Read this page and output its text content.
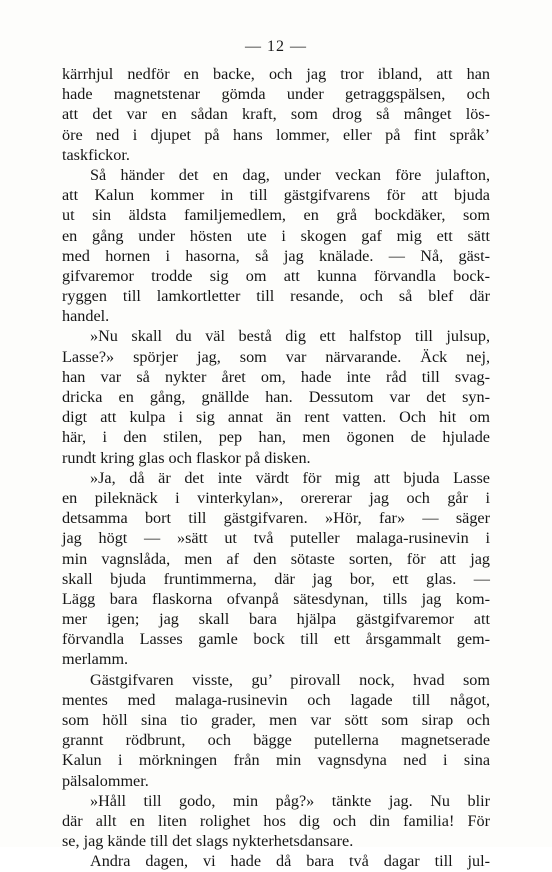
— 12 —
kärrhjul nedför en backe, och jag tror ibland, att han
hade magnetstenar gömda under getraggspälsen, och
att det var en sådan kraft, som drog så mânget lös-
öre ned i djupet på hans lommer, eller på fint språk’
taskfickor.
Så händer det en dag, under veckan före julafton,
att Kalun kommer in till gästgifvarens för att bjuda
ut sin äldsta familjemedlem, en grå bockdäker, som
en gång under hösten ute i skogen gaf mig ett sätt
med hornen i hasorna, så jag knälade. — Nå, gäst-
gifvaremor trodde sig om att kunna förvandla bock-
ryggen till lamkortletter till resande, och så blef där
handel.
»Nu skall du väl bestå dig ett halfstop till julsup,
Lasse?» spörjer jag, som var närvarande. Äck nej,
han var så nykter året om, hade inte råd till svag-
dricka en gång, gnällde han. Dessutom var det syn-
digt att kulpa i sig annat än rent vatten. Och hit om
här, i den stilen, pep han, men ögonen de hjulade
rundt kring glas och flaskor på disken.
»Ja, då är det inte värdt för mig att bjuda Lasse
en pileknäck i vinterkylan», orererar jag och går i
detsamma bort till gästgifvaren. »Hör, far» — säger
jag högt — »sätt ut två puteller malaga-rusinevin i
min vagnslåda, men af den sötaste sorten, för att jag
skall bjuda fruntimmerna, där jag bor, ett glas. —
Lägg bara flaskorna ofvanpå sätesdynan, tills jag kom-
mer igen; jag skall bara hjälpa gästgifvaremor att
förvandla Lasses gamle bock till ett årsgammalt gem-
merlamm.
Gästgifvaren visste, gu’ pirovall nock, hvad som
mentes med malaga-rusinevin och lagade till något,
som höll sina tio grader, men var sött som sirap och
grannt rödbrunt, och bägge putellerna magnetserade
Kalun i mörkningen från min vagnsdyna ned i sina
pälsalommer.
»Håll till godo, min påg?» tänkte jag. Nu blir
där allt en liten rolighet hos dig och din familia! För
se, jag kände till det slags nykterhetsdansare.
Andra dagen, vi hade då bara två dagar till jul-
